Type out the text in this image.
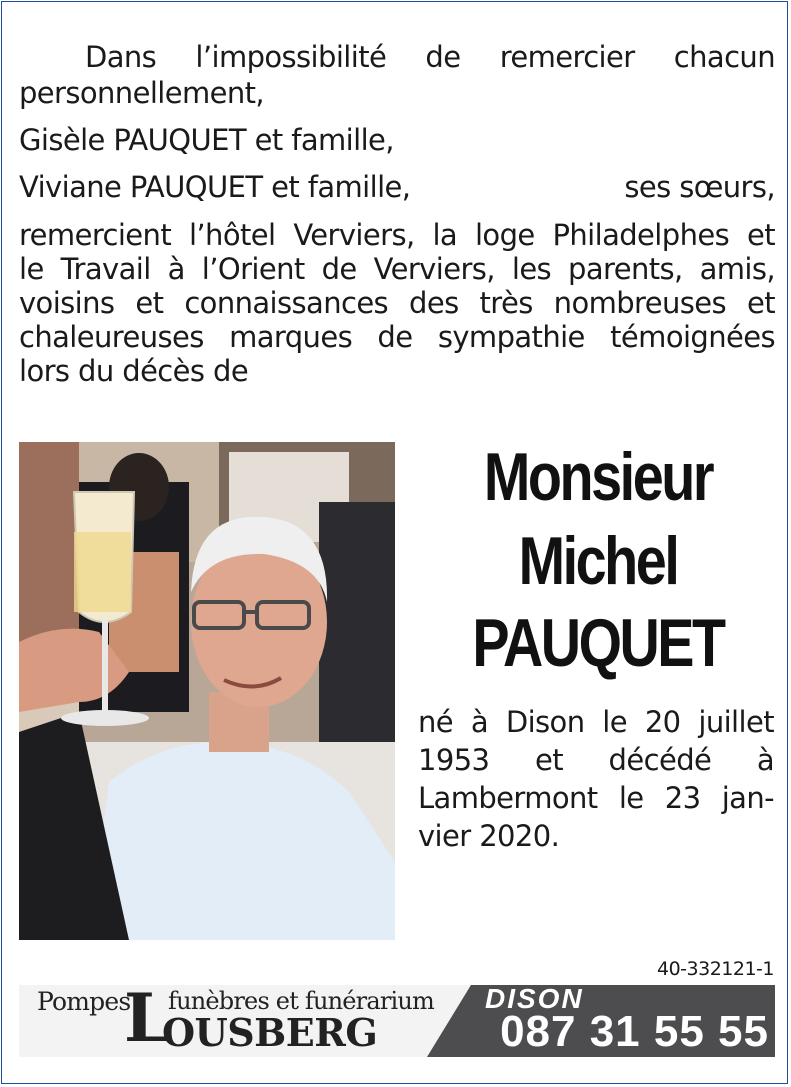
Dans l’impossibilité de remercier chacun
personnellement,
Gisèle PAUQUET et famille,
Viviane PAUQUET et famille,	ses sœurs,
remercient l’hôtel Verviers, la loge Philadelphes et
le Travail à l’Orient de Verviers, les parents, amis,
voisins et connaissances des très nombreuses et
chaleureuses marques de sympathie témoignées
lors du décès de
Monsieur
Michel
PAUQUET
né à Dison le 20 juillet
1953 et décédé à
Lambermont le 23 jan-
vier 2020.
40-332121-1
Pompes funèbres et funérarium
L
OUSBERG
DISON
087 31 55 55
